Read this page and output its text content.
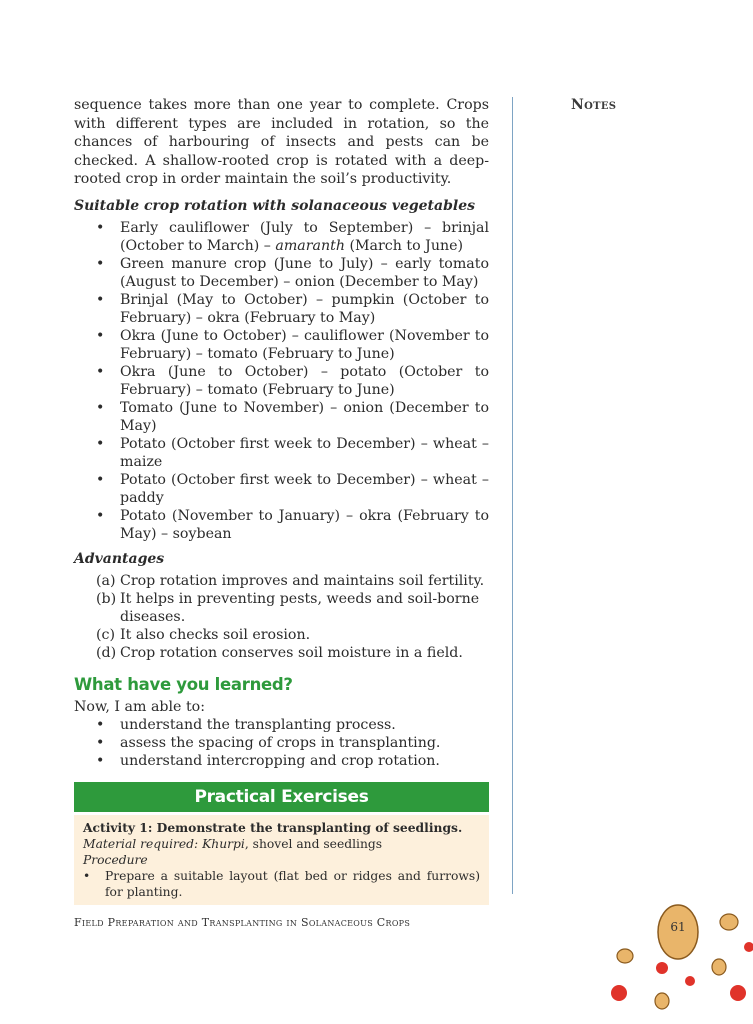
sequence takes more than one year to complete. Crops with different types are included in rotation, so the chances of harbouring of insects and pests can be checked. A shallow-rooted crop is rotated with a deep-rooted crop in order maintain the soil’s productivity.

Suitable crop rotation with solanaceous vegetables

• Early cauliflower (July to September) – brinjal (October to March) – amaranth (March to June)
• Green manure crop (June to July) – early tomato (August to December) – onion (December to May)
• Brinjal (May to October) – pumpkin (October to February) – okra (February to May)
• Okra (June to October) – cauliflower (November to February) – tomato (February to June)
• Okra (June to October) – potato (October to February) – tomato (February to June)
• Tomato (June to November) – onion (December to May)
• Potato (October first week to December) – wheat – maize
• Potato (October first week to December) – wheat – paddy
• Potato (November to January) – okra (February to May) – soybean

Advantages

(a) Crop rotation improves and maintains soil fertility.
(b) It helps in preventing pests, weeds and soil-borne diseases.
(c) It also checks soil erosion.
(d) Crop rotation conserves soil moisture in a field.
What have you learned?

Now, I am able to:

• understand the transplanting process.
• assess the spacing of crops in transplanting.
• understand intercropping and crop rotation.
Practical Exercises
Activity 1: Demonstrate the transplanting of seedlings.
Material required: Khurpi, shovel and seedlings
Procedure
• Prepare a suitable layout (flat bed or ridges and furrows) for planting.

Notes

Field Preparation and Transplanting in Solanaceous Crops	61
